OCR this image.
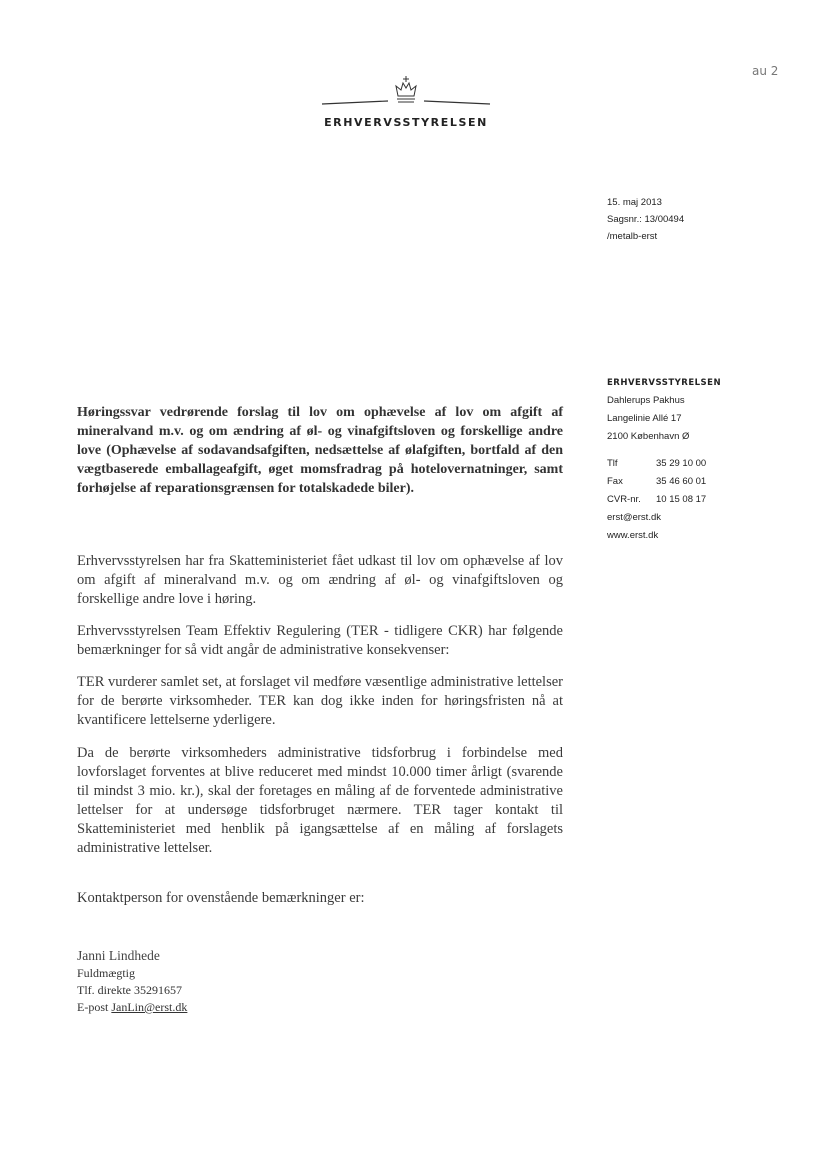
au 2
ERHVERVSSTYRELSEN
15. maj 2013
Sagsnr.: 13/00494
/metalb-erst
ERHVERVSSTYRELSEN
Dahlerups Pakhus
Langelinie Allé 17
2100 København Ø
Tlf	35 29 10 00
Fax	35 46 60 01
CVR-nr.	10 15 08 17
erst@erst.dk
www.erst.dk
Høringssvar vedrørende forslag til lov om ophævelse af lov om afgift af mineralvand m.v. og om ændring af øl- og vinafgiftsloven og forskellige andre love (Ophævelse af sodavandsafgiften, nedsættelse af ølafgiften, bortfald af den vægtbaserede emballageafgift, øget momsfradrag på hotelovernatninger, samt forhøjelse af reparationsgrænsen for totalskadede biler).
Erhvervsstyrelsen har fra Skatteministeriet fået udkast til lov om ophævelse af lov om afgift af mineralvand m.v. og om ændring af øl- og vinafgiftsloven og forskellige andre love i høring.
Erhvervsstyrelsen Team Effektiv Regulering (TER - tidligere CKR) har følgende bemærkninger for så vidt angår de administrative konsekvenser:
TER vurderer samlet set, at forslaget vil medføre væsentlige administrative lettelser for de berørte virksomheder. TER kan dog ikke inden for høringsfristen nå at kvantificere lettelserne yderligere.
Da de berørte virksomheders administrative tidsforbrug i forbindelse med lovforslaget forventes at blive reduceret med mindst 10.000 timer årligt (svarende til mindst 3 mio. kr.), skal der foretages en måling af de forventede administrative lettelser for at undersøge tidsforbruget nærmere. TER tager kontakt til Skatteministeriet med henblik på igangsættelse af en måling af forslagets administrative lettelser.
Kontaktperson for ovenstående bemærkninger er:
Janni Lindhede
Fuldmægtig
Tlf. direkte 35291657
E-post JanLin@erst.dk
